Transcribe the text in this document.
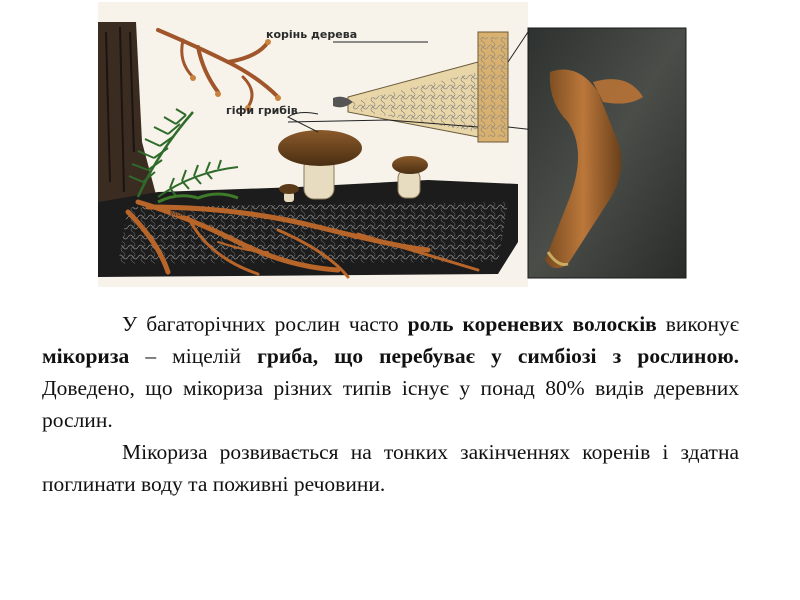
Мох
корінь дерева
гіфи грибів

У багаторічних рослин часто роль кореневих волосків виконує мікориза – міцелій гриба, що перебуває у симбіозі з рослиною. Доведено, що мікориза різних типів існує у понад 80% видів деревних рослин.

Мікориза розвивається на тонких закінченнях коренів і здатна поглинати воду та поживні речовини.
